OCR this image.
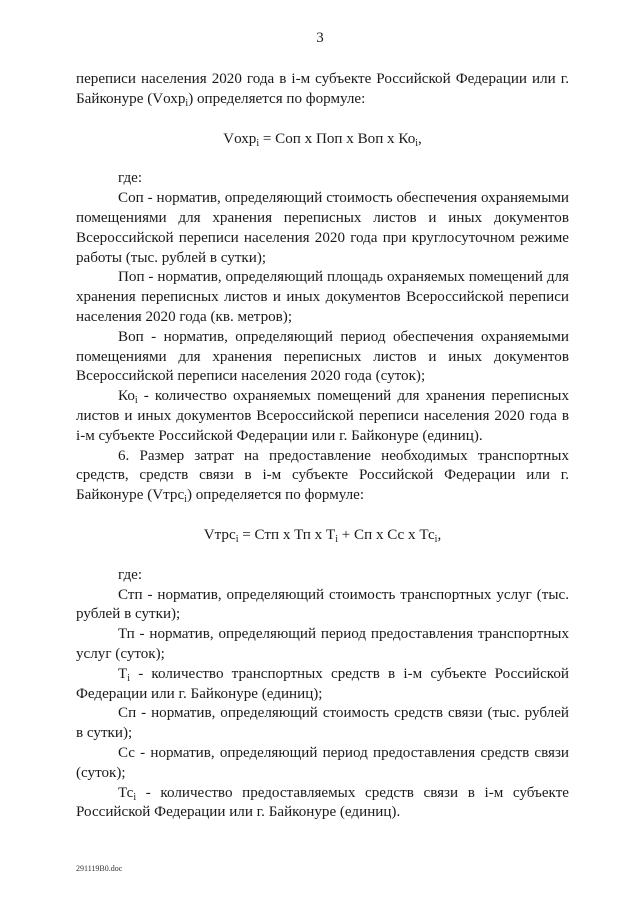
3

переписи населения 2020 года в i-м субъекте Российской Федерации или г. Байконуре (Vохр$_i$) определяется по формуле:

Vохр$_i$ = Соп x Поп x Воп x $Ко_i$,

где:

Соп - норматив, определяющий стоимость обеспечения охраняемыми помещениями для хранения переписных листов и иных документов Всероссийской переписи населения 2020 года при круглосуточном режиме работы (тыс. рублей в сутки);

Поп - норматив, определяющий площадь охраняемых помещений для хранения переписных листов и иных документов Всероссийской переписи населения 2020 года (кв. метров);

Воп - норматив, определяющий период обеспечения охраняемыми помещениями для хранения переписных листов и иных документов Всероссийской переписи населения 2020 года (суток);

$Ко_i$ - количество охраняемых помещений для хранения переписных листов и иных документов Всероссийской переписи населения 2020 года в i-м субъекте Российской Федерации или г. Байконуре (единиц).

6. Размер затрат на предоставление необходимых транспортных средств, средств связи в i-м субъекте Российской Федерации или г. Байконуре (Vтрс$_i$) определяется по формуле:

Vтрс$_i$ = Стп x Тп x $Т_i$ + Сп x Сс x $Тс_i$,

где:

Стп - норматив, определяющий стоимость транспортных услуг (тыс. рублей в сутки);

Тп - норматив, определяющий период предоставления транспортных услуг (суток);

$Т_i$ - количество транспортных средств в i-м субъекте Российской Федерации или г. Байконуре (единиц);

Сп - норматив, определяющий стоимость средств связи (тыс. рублей в сутки);

Сс - норматив, определяющий период предоставления средств связи (суток);

$Тс_i$ - количество предоставляемых средств связи в i-м субъекте Российской Федерации или г. Байконуре (единиц).

291119В0.doc
